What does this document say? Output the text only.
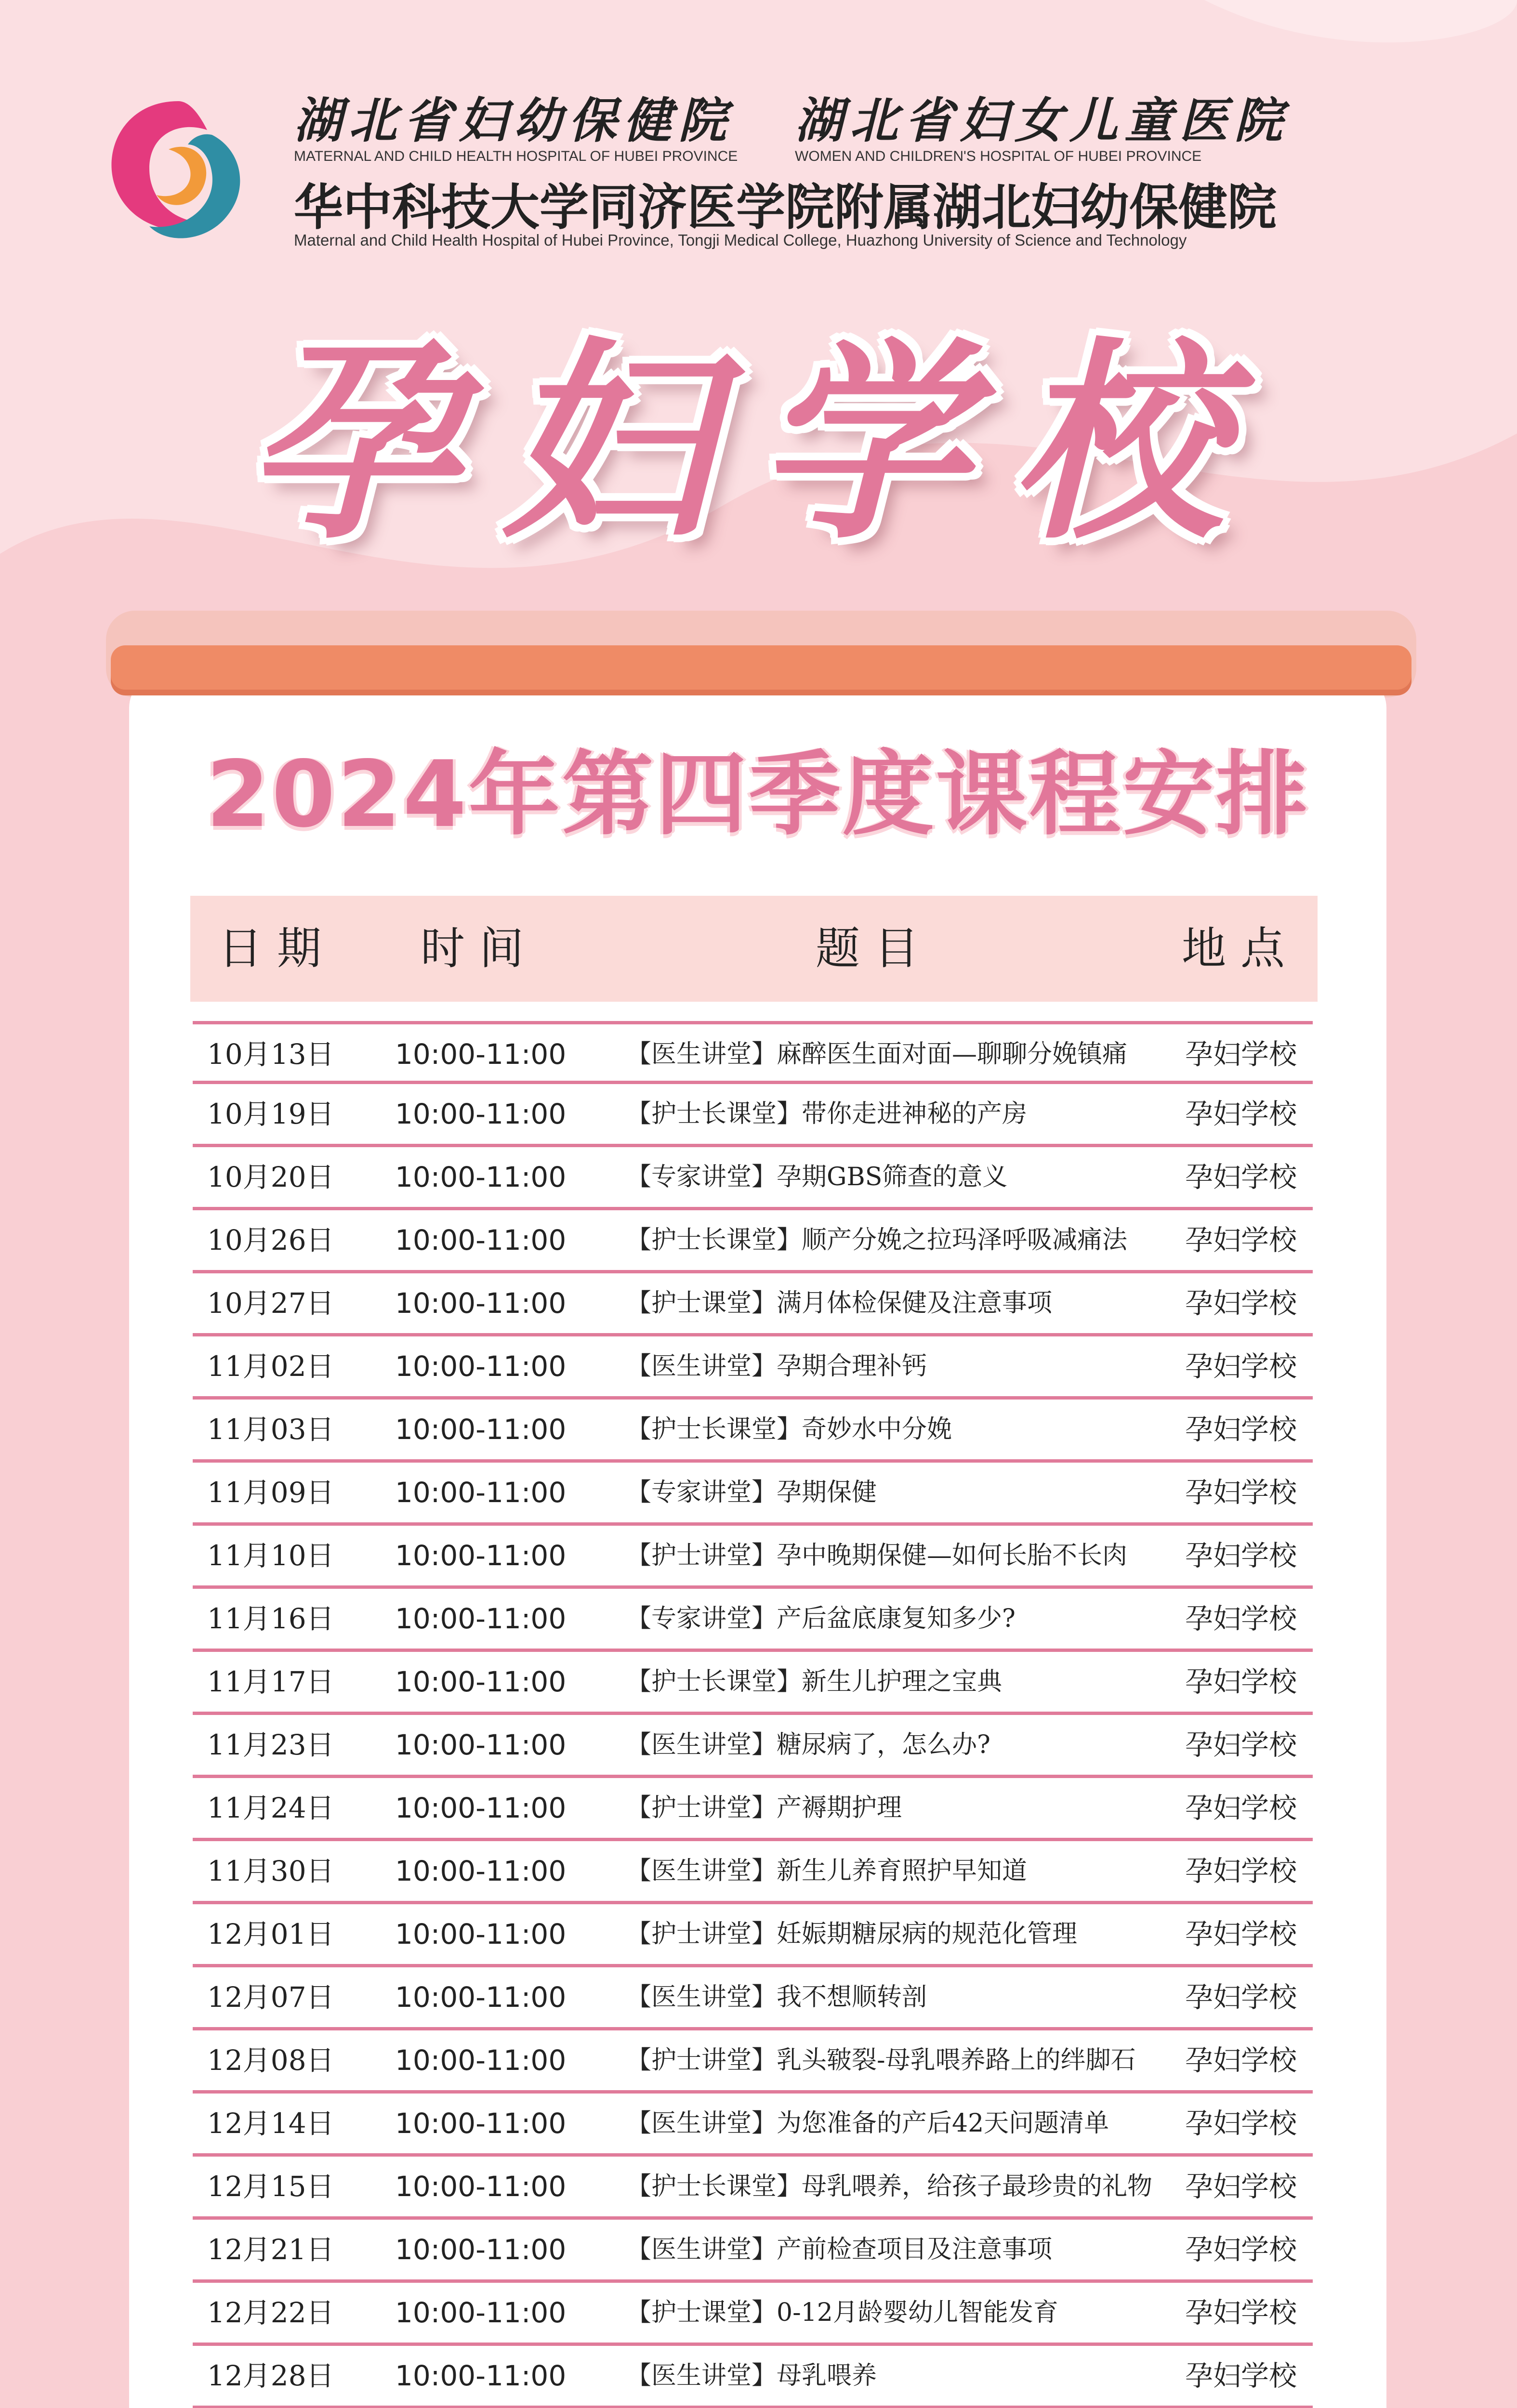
湖北省妇幼保健院
MATERNAL AND CHILD HEALTH HOSPITAL OF HUBEI PROVINCE
湖北省妇女儿童医院
WOMEN AND CHILDREN'S HOSPITAL OF HUBEI PROVINCE
华中科技大学同济医学院附属湖北妇幼保健院
Maternal and Child Health Hospital of Hubei Province, Tongji Medical College, Huazhong University of Science and Technology
孕妇学校
2024年第四季度课程安排
日期	时间	题目	地点
10月13日	10:00-11:00	【医生讲堂】麻醉医生面对面—聊聊分娩镇痛	孕妇学校
10月19日	10:00-11:00	【护士长课堂】带你走进神秘的产房	孕妇学校
10月20日	10:00-11:00	【专家讲堂】孕期GBS筛查的意义	孕妇学校
10月26日	10:00-11:00	【护士长课堂】顺产分娩之拉玛泽呼吸减痛法	孕妇学校
10月27日	10:00-11:00	【护士课堂】满月体检保健及注意事项	孕妇学校
11月02日	10:00-11:00	【医生讲堂】孕期合理补钙	孕妇学校
11月03日	10:00-11:00	【护士长课堂】奇妙水中分娩	孕妇学校
11月09日	10:00-11:00	【专家讲堂】孕期保健	孕妇学校
11月10日	10:00-11:00	【护士讲堂】孕中晚期保健—如何长胎不长肉	孕妇学校
11月16日	10:00-11:00	【专家讲堂】产后盆底康复知多少?	孕妇学校
11月17日	10:00-11:00	【护士长课堂】新生儿护理之宝典	孕妇学校
11月23日	10:00-11:00	【医生讲堂】糖尿病了，怎么办?	孕妇学校
11月24日	10:00-11:00	【护士讲堂】产褥期护理	孕妇学校
11月30日	10:00-11:00	【医生讲堂】新生儿养育照护早知道	孕妇学校
12月01日	10:00-11:00	【护士讲堂】妊娠期糖尿病的规范化管理	孕妇学校
12月07日	10:00-11:00	【医生讲堂】我不想顺转剖	孕妇学校
12月08日	10:00-11:00	【护士讲堂】乳头皲裂-母乳喂养路上的绊脚石	孕妇学校
12月14日	10:00-11:00	【医生讲堂】为您准备的产后42天问题清单	孕妇学校
12月15日	10:00-11:00	【护士长课堂】母乳喂养，给孩子最珍贵的礼物	孕妇学校
12月21日	10:00-11:00	【医生讲堂】产前检查项目及注意事项	孕妇学校
12月22日	10:00-11:00	【护士课堂】0-12月龄婴幼儿智能发育	孕妇学校
12月28日	10:00-11:00	【医生讲堂】母乳喂养	孕妇学校
